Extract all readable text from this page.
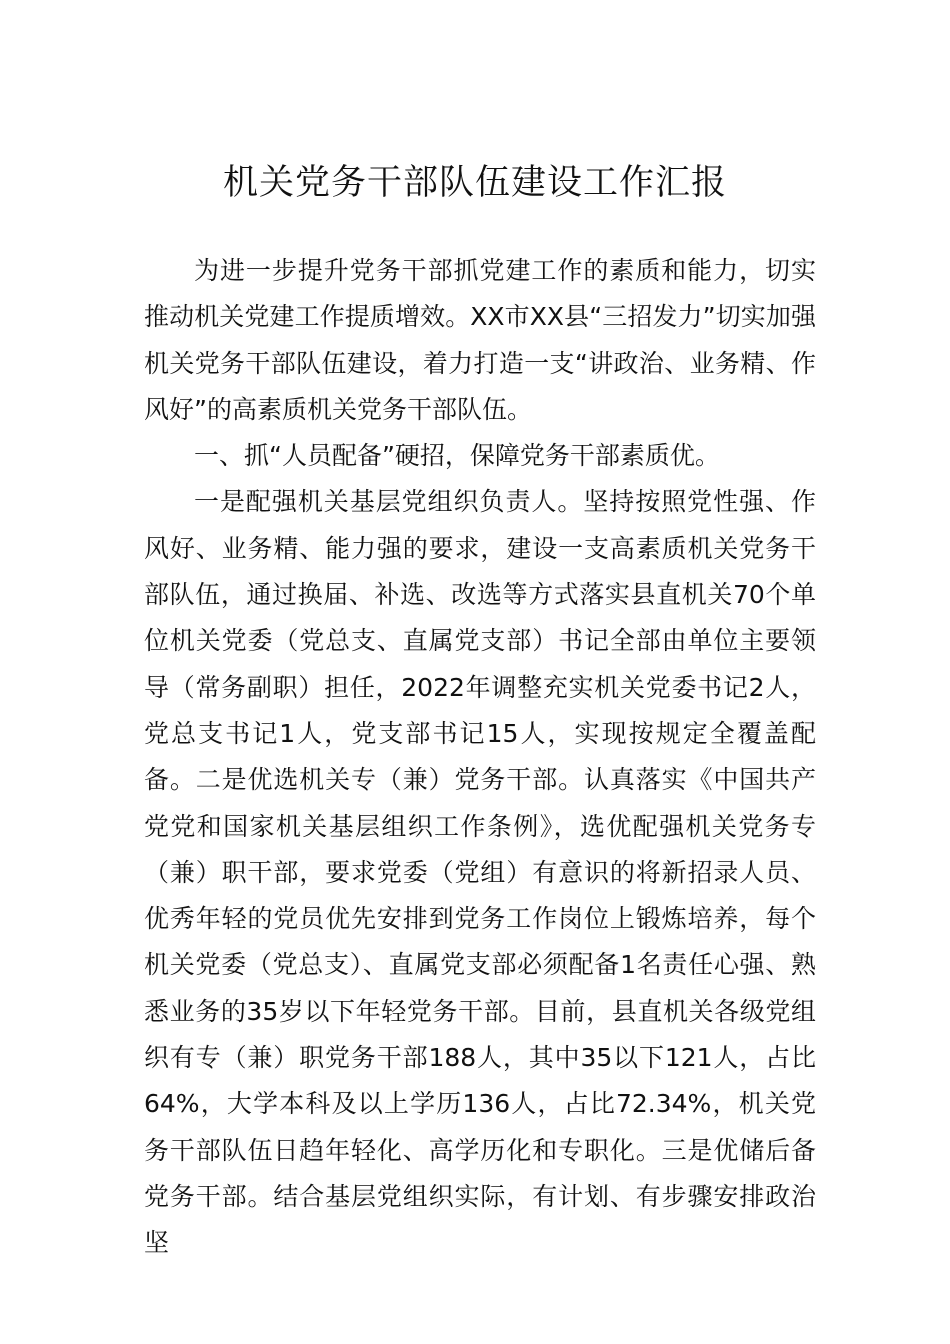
机关党务干部队伍建设工作汇报

为进一步提升党务干部抓党建工作的素质和能力，切实推动机关党建工作提质增效。XX市XX县“三招发力”切实加强机关党务干部队伍建设，着力打造一支“讲政治、业务精、作风好”的高素质机关党务干部队伍。

一、抓“人员配备”硬招，保障党务干部素质优。

一是配强机关基层党组织负责人。坚持按照党性强、作风好、业务精、能力强的要求，建设一支高素质机关党务干部队伍，通过换届、补选、改选等方式落实县直机关70个单位机关党委（党总支、直属党支部）书记全部由单位主要领导（常务副职）担任，2022年调整充实机关党委书记2人，党总支书记1人，党支部书记15人，实现按规定全覆盖配备。二是优选机关专（兼）党务干部。认真落实《中国共产党党和国家机关基层组织工作条例》，选优配强机关党务专（兼）职干部，要求党委（党组）有意识的将新招录人员、优秀年轻的党员优先安排到党务工作岗位上锻炼培养，每个机关党委（党总支）、直属党支部必须配备1名责任心强、熟悉业务的35岁以下年轻党务干部。目前，县直机关各级党组织有专（兼）职党务干部188人，其中35以下121人，占比64%，大学本科及以上学历136人，占比72.34%，机关党务干部队伍日趋年轻化、高学历化和专职化。三是优储后备党务干部。结合基层党组织实际，有计划、有步骤安排政治坚
